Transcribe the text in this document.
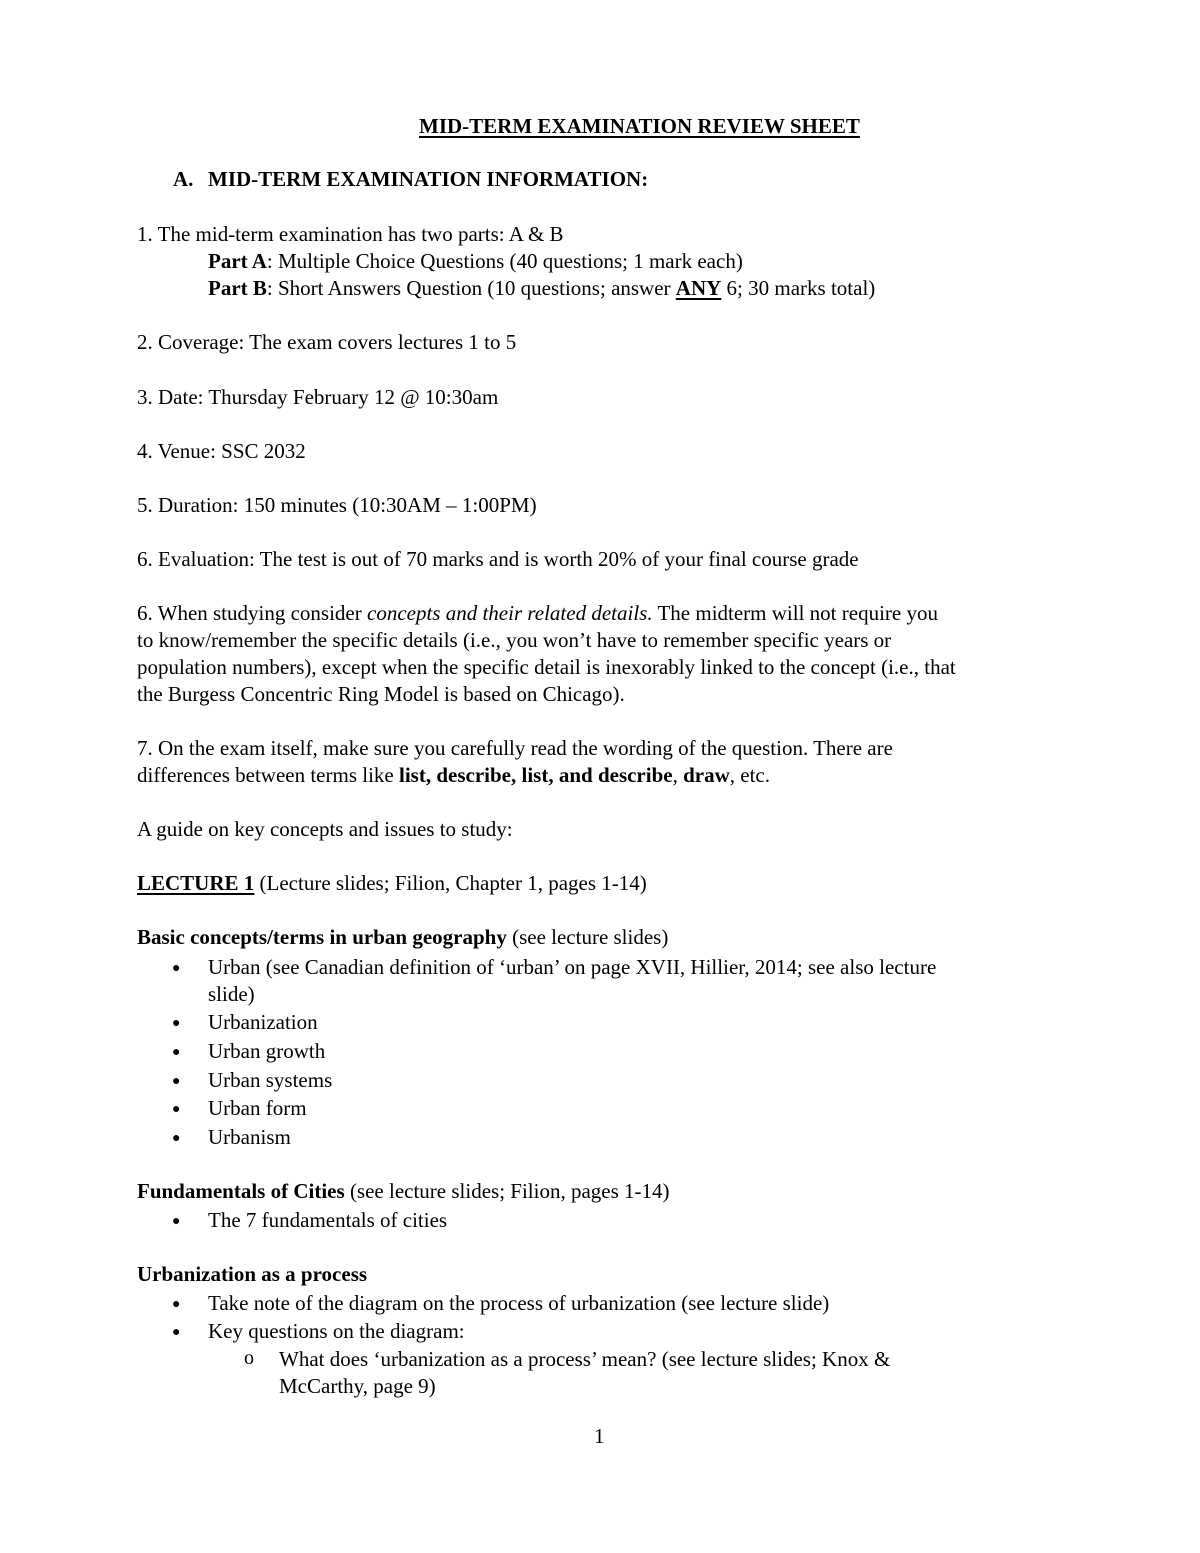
MID-TERM EXAMINATION REVIEW SHEET
A. MID-TERM EXAMINATION INFORMATION:
1. The mid-term examination has two parts: A & B
Part A: Multiple Choice Questions (40 questions; 1 mark each)
Part B: Short Answers Question (10 questions; answer ANY 6; 30 marks total)
2. Coverage: The exam covers lectures 1 to 5
3. Date: Thursday February 12 @ 10:30am
4. Venue: SSC 2032
5. Duration: 150 minutes (10:30AM – 1:00PM)
6. Evaluation: The test is out of 70 marks and is worth 20% of your final course grade
6. When studying consider concepts and their related details. The midterm will not require you
to know/remember the specific details (i.e., you won’t have to remember specific years or
population numbers), except when the specific detail is inexorably linked to the concept (i.e., that
the Burgess Concentric Ring Model is based on Chicago).
7. On the exam itself, make sure you carefully read the wording of the question. There are
differences between terms like list, describe, list, and describe, draw, etc.
A guide on key concepts and issues to study:
LECTURE 1 (Lecture slides; Filion, Chapter 1, pages 1-14)
Basic concepts/terms in urban geography (see lecture slides)
● Urban (see Canadian definition of ‘urban’ on page XVII, Hillier, 2014; see also lecture
slide)
● Urbanization
● Urban growth
● Urban systems
● Urban form
● Urbanism
Fundamentals of Cities (see lecture slides; Filion, pages 1-14)
● The 7 fundamentals of cities
Urbanization as a process
● Take note of the diagram on the process of urbanization (see lecture slide)
● Key questions on the diagram:
o What does ‘urbanization as a process’ mean? (see lecture slides; Knox &
McCarthy, page 9)
1
